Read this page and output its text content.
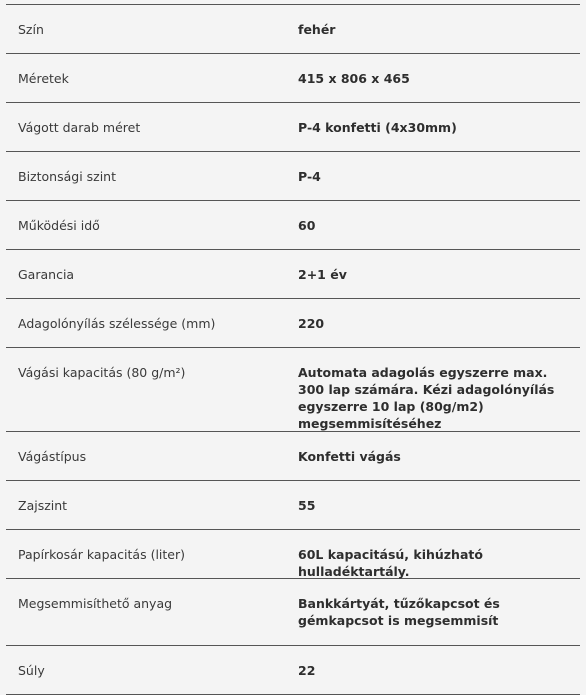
Szín	fehér
Méretek	415 x 806 x 465
Vágott darab méret	P-4 konfetti (4x30mm)
Biztonsági szint	P-4
Működési idő	60
Garancia	2+1 év
Adagolónyílás szélessége (mm)	220
Vágási kapacitás (80 g/m²)	Automata adagolás egyszerre max. 300 lap számára. Kézi adagolónyílás egyszerre 10 lap (80g/m2) megsemmisítéséhez
Vágástípus	Konfetti vágás
Zajszint	55
Papírkosár kapacitás (liter)	60L kapacitású, kihúzható hulladéktartály.
Megsemmisíthető anyag	Bankkártyát, tűzőkapcsot és gémkapcsot is megsemmisít
Súly	22
